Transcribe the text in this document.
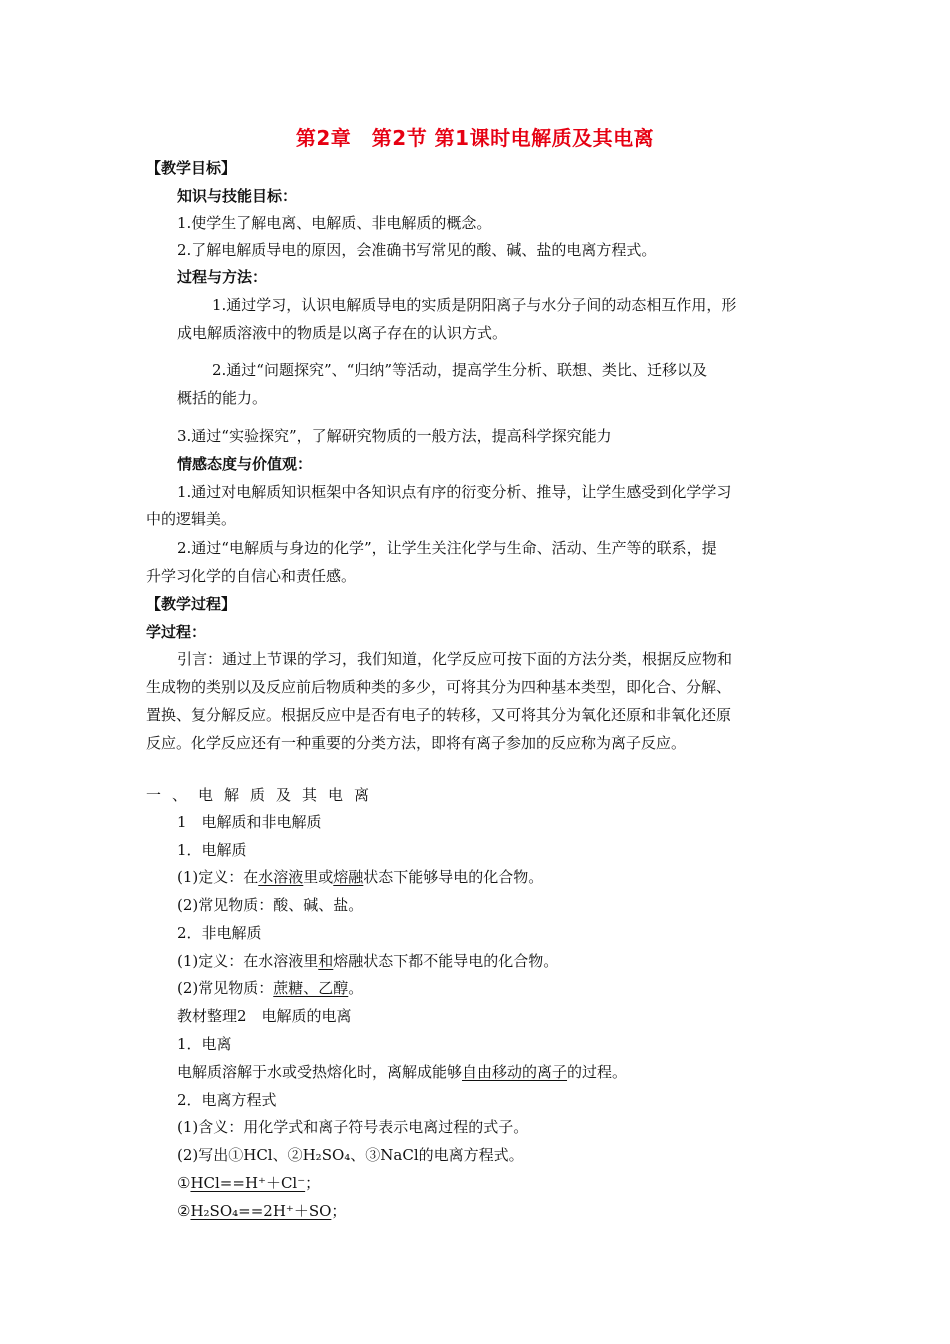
第2章　第2节 第1课时电解质及其电离
【教学目标】
知识与技能目标：
1.使学生了解电离、电解质、非电解质的概念。
2.了解电解质导电的原因，会准确书写常见的酸、碱、盐的电离方程式。
过程与方法：
1.通过学习，认识电解质导电的实质是阴阳离子与水分子间的动态相互作用，形
成电解质溶液中的物质是以离子存在的认识方式。
2.通过“问题探究”、“归纳”等活动，提高学生分析、联想、类比、迁移以及
概括的能力。
3.通过“实验探究”，了解研究物质的一般方法，提高科学探究能力
情感态度与价值观：
1.通过对电解质知识框架中各知识点有序的衍变分析、推导，让学生感受到化学学习
中的逻辑美。
2.通过“电解质与身边的化学”，让学生关注化学与生命、活动、生产等的联系，提
升学习化学的自信心和责任感。
【教学过程】
学过程：
引言：通过上节课的学习，我们知道，化学反应可按下面的方法分类，根据反应物和
生成物的类别以及反应前后物质种类的多少，可将其分为四种基本类型，即化合、分解、
置换、复分解反应。根据反应中是否有电子的转移，又可将其分为氧化还原和非氧化还原
反应。化学反应还有一种重要的分类方法，即将有离子参加的反应称为离子反应。
一、电解质及其电离
1　电解质和非电解质
1．电解质
(1)定义：在水溶液里或熔融状态下能够导电的化合物。
(2)常见物质：酸、碱、盐。
2．非电解质
(1)定义：在水溶液里和熔融状态下都不能导电的化合物。
(2)常见物质：蔗糖、乙醇。
教材整理2　电解质的电离
1．电离
电解质溶解于水或受热熔化时，离解成能够自由移动的离子的过程。
2．电离方程式
(1)含义：用化学式和离子符号表示电离过程的式子。
(2)写出①HCl、②H₂SO₄、③NaCl的电离方程式。
①HCl==H⁺＋Cl⁻；
②H₂SO₄==2H⁺＋SO；
